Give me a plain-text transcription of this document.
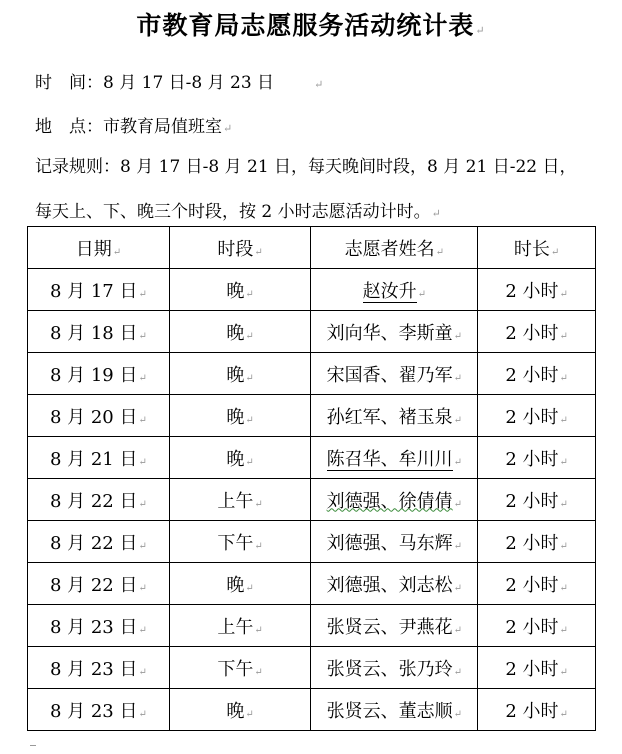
市教育局志愿服务活动统计表↵
时　间：8 月 17 日-8 月 23 日	↵
地　点：市教育局值班室↵
记录规则：8 月 17 日-8 月 21 日，每天晚间时段，8 月 21 日-22 日，
每天上、下、晚三个时段，按 2 小时志愿活动计时。↵
日期↵	时段↵	志愿者姓名↵	时长↵
8 月 17 日↵	晚↵	赵汝升↵	2 小时↵
8 月 18 日↵	晚↵	刘向华、李斯童↵	2 小时↵
8 月 19 日↵	晚↵	宋国香、翟乃军↵	2 小时↵
8 月 20 日↵	晚↵	孙红军、褚玉泉↵	2 小时↵
8 月 21 日↵	晚↵	陈召华、牟川川↵	2 小时↵
8 月 22 日↵	上午↵	刘德强、徐倩倩↵	2 小时↵
8 月 22 日↵	下午↵	刘德强、马东辉↵	2 小时↵
8 月 22 日↵	晚↵	刘德强、刘志松↵	2 小时↵
8 月 23 日↵	上午↵	张贤云、尹燕花↵	2 小时↵
8 月 23 日↵	下午↵	张贤云、张乃玲↵	2 小时↵
8 月 23 日↵	晚↵	张贤云、董志顺↵	2 小时↵
